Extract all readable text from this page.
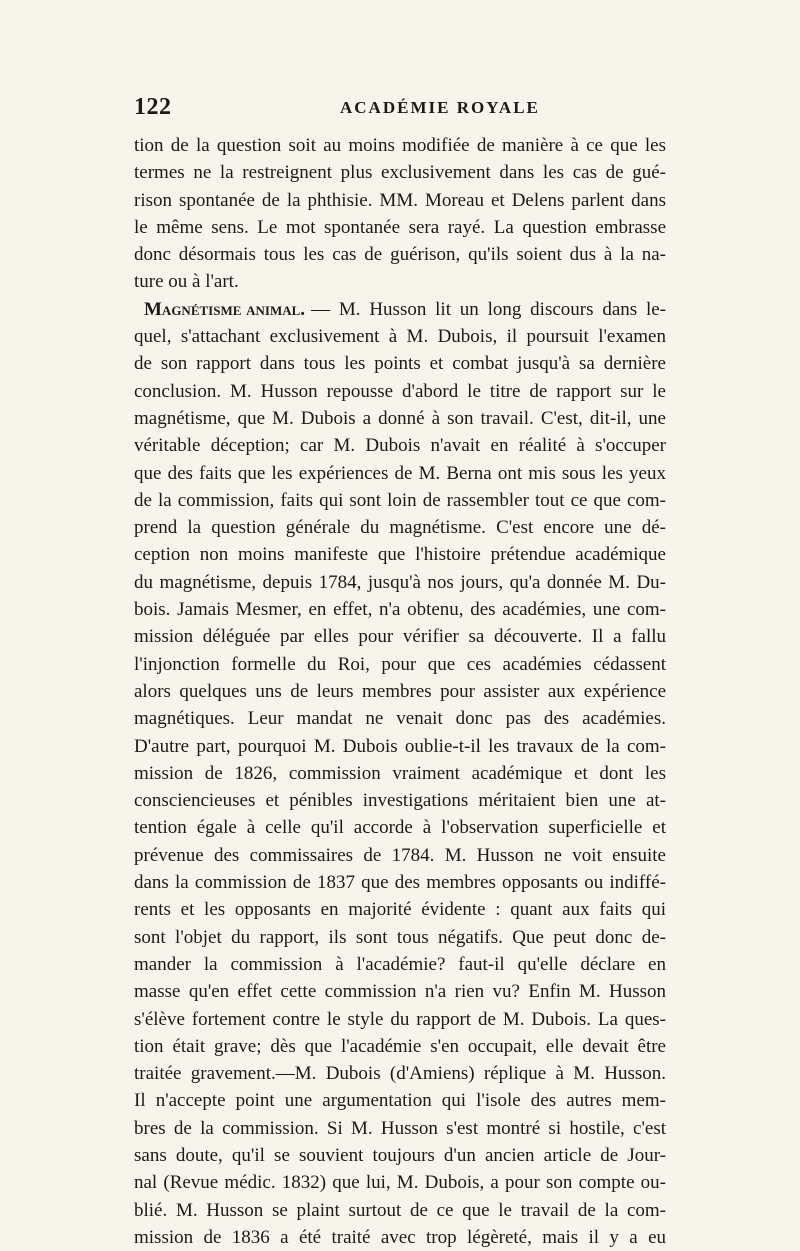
122	ACADÉMIE ROYALE
tion de la question soit au moins modifiée de manière à ce que les
termes ne la restreignent plus exclusivement dans les cas de gué-
rison spontanée de la phthisie. MM. Moreau et Delens parlent dans
le même sens. Le mot spontanée sera rayé. La question embrasse
donc désormais tous les cas de guérison, qu'ils soient dus à la na-
ture ou à l'art.
Magnétisme animal. — M. Husson lit un long discours dans le-
quel, s'attachant exclusivement à M. Dubois, il poursuit l'examen
de son rapport dans tous les points et combat jusqu'à sa dernière
conclusion. M. Husson repousse d'abord le titre de rapport sur le
magnétisme, que M. Dubois a donné à son travail. C'est, dit-il, une
véritable déception; car M. Dubois n'avait en réalité à s'occuper
que des faits que les expériences de M. Berna ont mis sous les yeux
de la commission, faits qui sont loin de rassembler tout ce que com-
prend la question générale du magnétisme. C'est encore une dé-
ception non moins manifeste que l'histoire prétendue académique
du magnétisme, depuis 1784, jusqu'à nos jours, qu'a donnée M. Du-
bois. Jamais Mesmer, en effet, n'a obtenu, des académies, une com-
mission déléguée par elles pour vérifier sa découverte. Il a fallu
l'injonction formelle du Roi, pour que ces académies cédassent
alors quelques uns de leurs membres pour assister aux expérience
magnétiques. Leur mandat ne venait donc pas des académies.
D'autre part, pourquoi M. Dubois oublie-t-il les travaux de la com-
mission de 1826, commission vraiment académique et dont les
consciencieuses et pénibles investigations méritaient bien une at-
tention égale à celle qu'il accorde à l'observation superficielle et
prévenue des commissaires de 1784. M. Husson ne voit ensuite
dans la commission de 1837 que des membres opposants ou indiffé-
rents et les opposants en majorité évidente : quant aux faits qui
sont l'objet du rapport, ils sont tous négatifs. Que peut donc de-
mander la commission à l'académie? faut-il qu'elle déclare en
masse qu'en effet cette commission n'a rien vu? Enfin M. Husson
s'élève fortement contre le style du rapport de M. Dubois. La ques-
tion était grave; dès que l'académie s'en occupait, elle devait être
traitée gravement.—M. Dubois (d'Amiens) réplique à M. Husson.
Il n'accepte point une argumentation qui l'isole des autres mem-
bres de la commission. Si M. Husson s'est montré si hostile, c'est
sans doute, qu'il se souvient toujours d'un ancien article de Jour-
nal (Revue médic. 1832) que lui, M. Dubois, a pour son compte ou-
blié. M. Husson se plaint surtout de ce que le travail de la com-
mission de 1836 a été traité avec trop légèreté, mais il y a eu
